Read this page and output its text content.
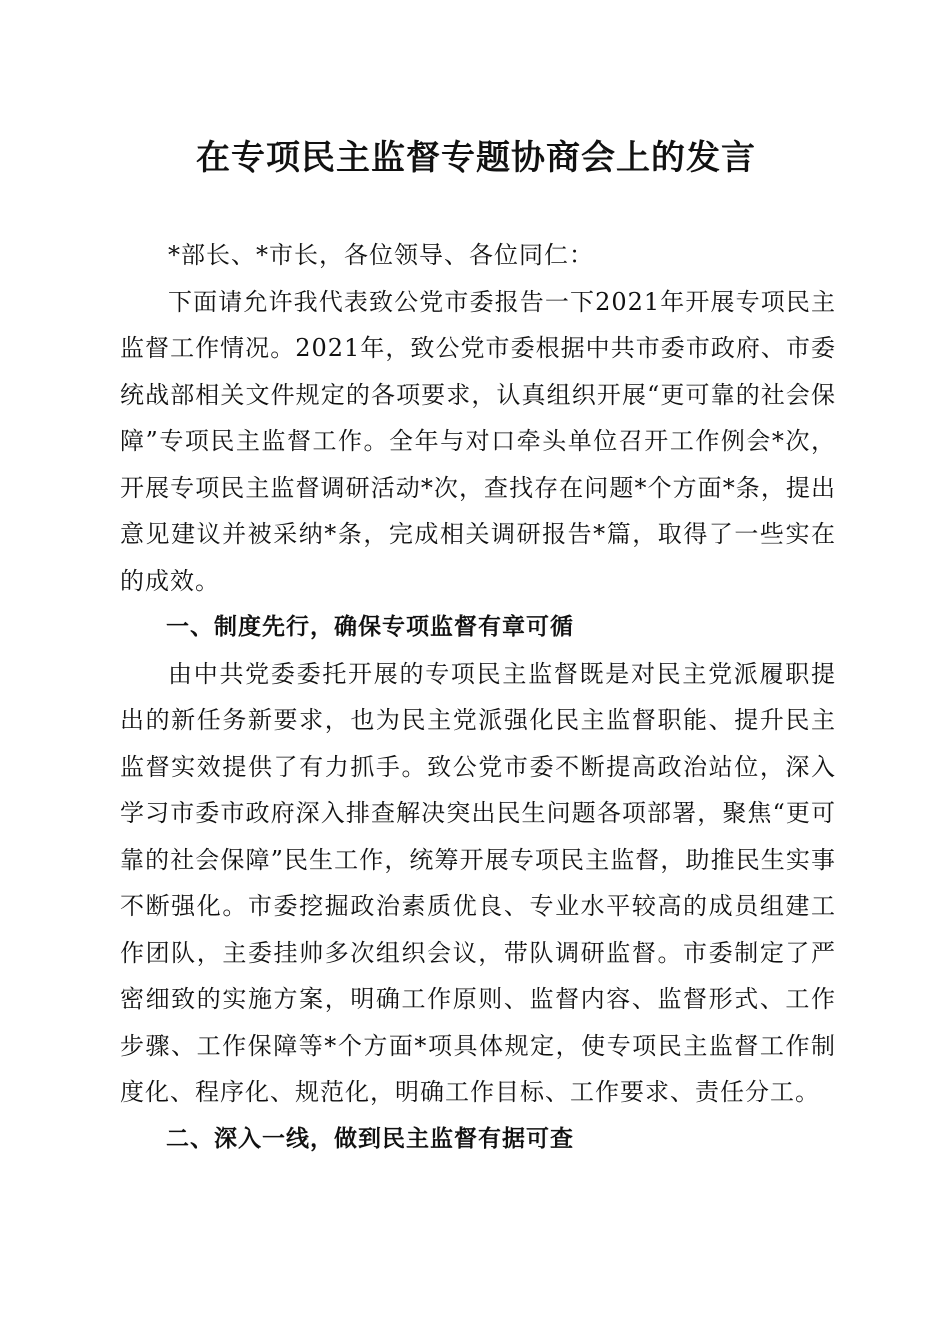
在专项民主监督专题协商会上的发言

*部长、*市长，各位领导、各位同仁：

下面请允许我代表致公党市委报告一下2021年开展专项民主监督工作情况。2021年，致公党市委根据中共市委市政府、市委统战部相关文件规定的各项要求，认真组织开展“更可靠的社会保障”专项民主监督工作。全年与对口牵头单位召开工作例会*次，开展专项民主监督调研活动*次，查找存在问题*个方面*条，提出意见建议并被采纳*条，完成相关调研报告*篇，取得了一些实在的成效。

一、制度先行，确保专项监督有章可循

由中共党委委托开展的专项民主监督既是对民主党派履职提出的新任务新要求，也为民主党派强化民主监督职能、提升民主监督实效提供了有力抓手。致公党市委不断提高政治站位，深入学习市委市政府深入排查解决突出民生问题各项部署，聚焦“更可靠的社会保障”民生工作，统筹开展专项民主监督，助推民生实事不断强化。市委挖掘政治素质优良、专业水平较高的成员组建工作团队，主委挂帅多次组织会议，带队调研监督。市委制定了严密细致的实施方案，明确工作原则、监督内容、监督形式、工作步骤、工作保障等*个方面*项具体规定，使专项民主监督工作制度化、程序化、规范化，明确工作目标、工作要求、责任分工。

二、深入一线，做到民主监督有据可查
